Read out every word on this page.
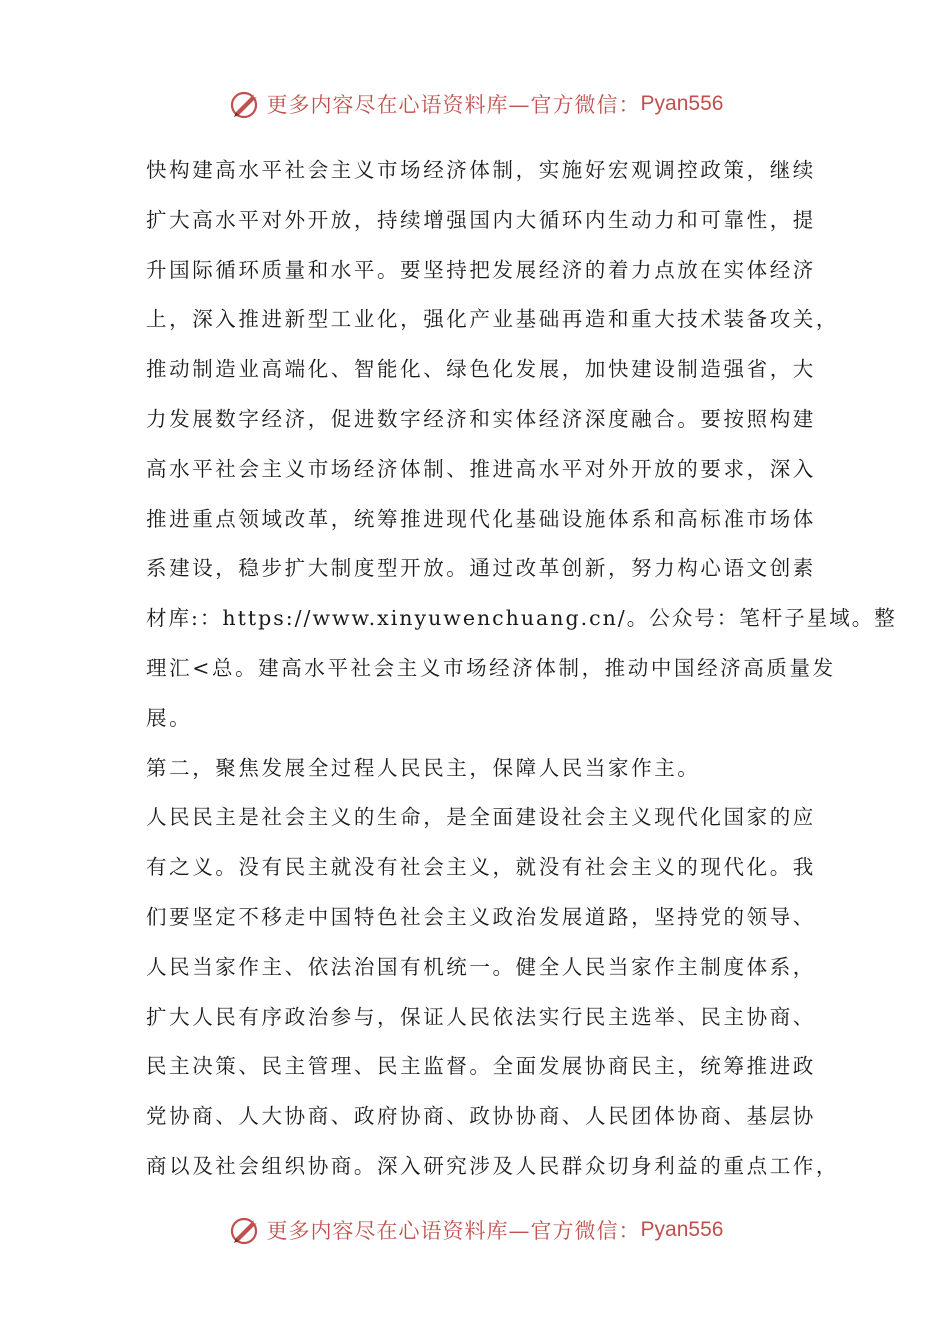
更多内容尽在心语资料库—官方微信： Pyan556
快构建高水平社会主义市场经济体制，实施好宏观调控政策，继续
扩大高水平对外开放，持续增强国内大循环内生动力和可靠性，提
升国际循环质量和水平。要坚持把发展经济的着力点放在实体经济
上，深入推进新型工业化，强化产业基础再造和重大技术装备攻关，
推动制造业高端化、智能化、绿色化发展，加快建设制造强省，大
力发展数字经济，促进数字经济和实体经济深度融合。要按照构建
高水平社会主义市场经济体制、推进高水平对外开放的要求，深入
推进重点领域改革，统筹推进现代化基础设施体系和高标准市场体
系建设，稳步扩大制度型开放。通过改革创新，努力构心语文创素
材库:：https://www.xinyuwenchuang.cn/。公众号：笔杆子星域。整
理汇<总。建高水平社会主义市场经济体制，推动中国经济高质量发
展。
第二，聚焦发展全过程人民民主，保障人民当家作主。
人民民主是社会主义的生命，是全面建设社会主义现代化国家的应
有之义。没有民主就没有社会主义，就没有社会主义的现代化。我
们要坚定不移走中国特色社会主义政治发展道路，坚持党的领导、
人民当家作主、依法治国有机统一。健全人民当家作主制度体系，
扩大人民有序政治参与，保证人民依法实行民主选举、民主协商、
民主决策、民主管理、民主监督。全面发展协商民主，统筹推进政
党协商、人大协商、政府协商、政协协商、人民团体协商、基层协
商以及社会组织协商。深入研究涉及人民群众切身利益的重点工作，
更多内容尽在心语资料库—官方微信： Pyan556
